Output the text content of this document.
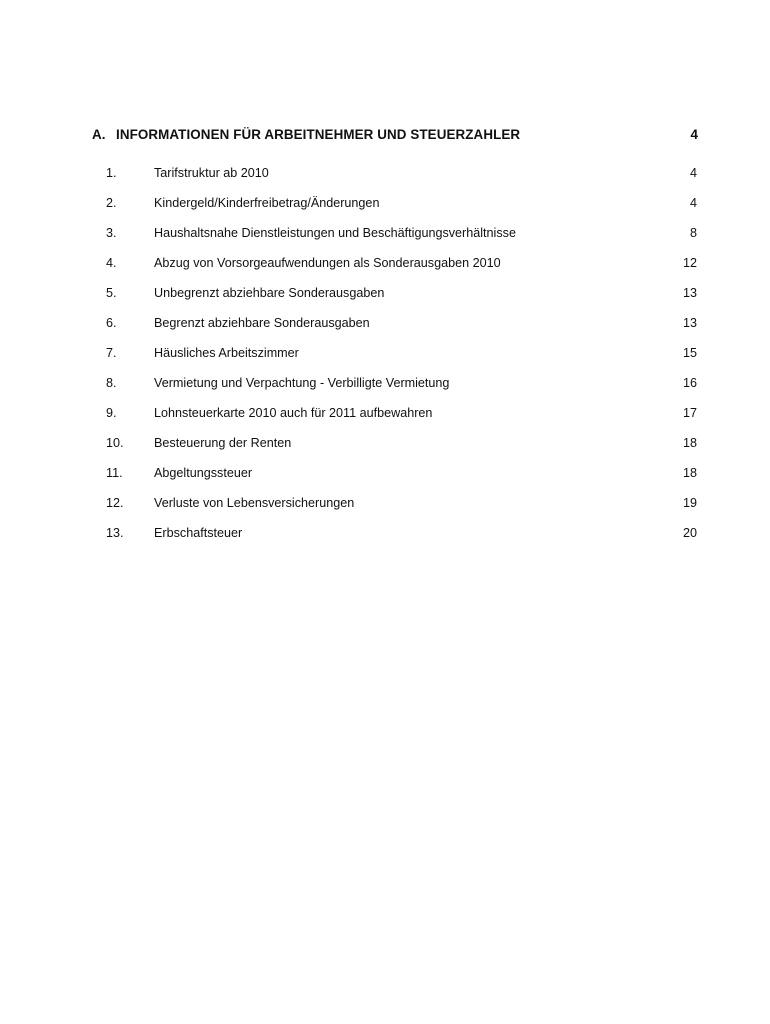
A. INFORMATIONEN FÜR ARBEITNEHMER UND STEUERZAHLER	4
1.	Tarifstruktur ab 2010	4
2.	Kindergeld/Kinderfreibetrag/Änderungen	4
3.	Haushaltsnahe Dienstleistungen und Beschäftigungsverhältnisse	8
4.	Abzug von Vorsorgeaufwendungen als Sonderausgaben 2010	12
5.	Unbegrenzt abziehbare Sonderausgaben	13
6.	Begrenzt abziehbare Sonderausgaben	13
7.	Häusliches Arbeitszimmer	15
8.	Vermietung und Verpachtung - Verbilligte Vermietung	16
9.	Lohnsteuerkarte 2010 auch für 2011 aufbewahren	17
10.	Besteuerung der Renten	18
11.	Abgeltungssteuer	18
12.	Verluste von Lebensversicherungen	19
13.	Erbschaftsteuer	20
